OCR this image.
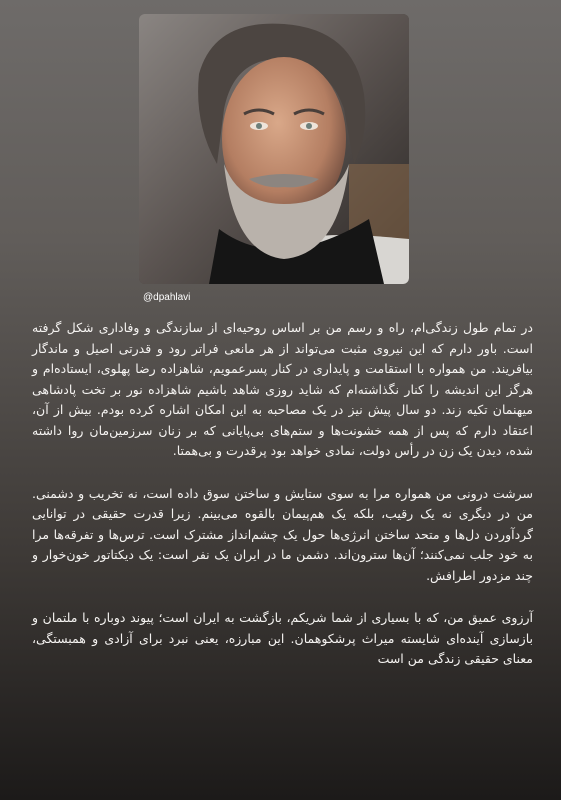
@dpahlavi

در تمام طول زندگی‌ام، راه و رسم من بر اساس روحیه‌ای از سازندگی و وفاداری شکل گرفته است. باور دارم که این نیروی مثبت می‌تواند از هر مانعی فراتر رود و قدرتی اصیل و ماندگار بیافریند. من همواره با استقامت و پایداری در کنار پسرعمویم، شاهزاده رضا پهلوی، ایستاده‌ام و هرگز این اندیشه را کنار نگذاشته‌ام که شاید روزی شاهد باشیم شاهزاده نور بر تخت پادشاهی میهنمان تکیه زند. دو سال پیش نیز در یک مصاحبه به این امکان اشاره کرده بودم. بیش از آن، اعتقاد دارم که پس از همه خشونت‌ها و ستم‌های بی‌پایانی که بر زنان سرزمین‌مان روا داشته شده، دیدن یک زن در رأس دولت، نمادی خواهد بود پرقدرت و بی‌همتا.

سرشت درونی من همواره مرا به سوی ستایش و ساختن سوق داده است، نه تخریب و دشمنی. من در دیگری نه یک رقیب، بلکه یک هم‌پیمان بالقوه می‌بینم. زیرا قدرت حقیقی در توانایی گردآوردن دل‌ها و متحد ساختن انرژی‌ها حول یک چشم‌انداز مشترک است. ترس‌ها و تفرقه‌ها مرا به خود جلب نمی‌کنند؛ آن‌ها سترون‌اند. دشمن ما در ایران یک نفر است: یک دیکتاتور خون‌خوار و چند مزدور اطرافش.

آرزوی عمیق من، که با بسیاری از شما شریکم، بازگشت به ایران است؛ پیوند دوباره با ملتمان و بازسازی آینده‌ای شایسته میراث پرشکوهمان. این مبارزه، یعنی نبرد برای آزادی و همبستگی، معنای حقیقی زندگی من است
